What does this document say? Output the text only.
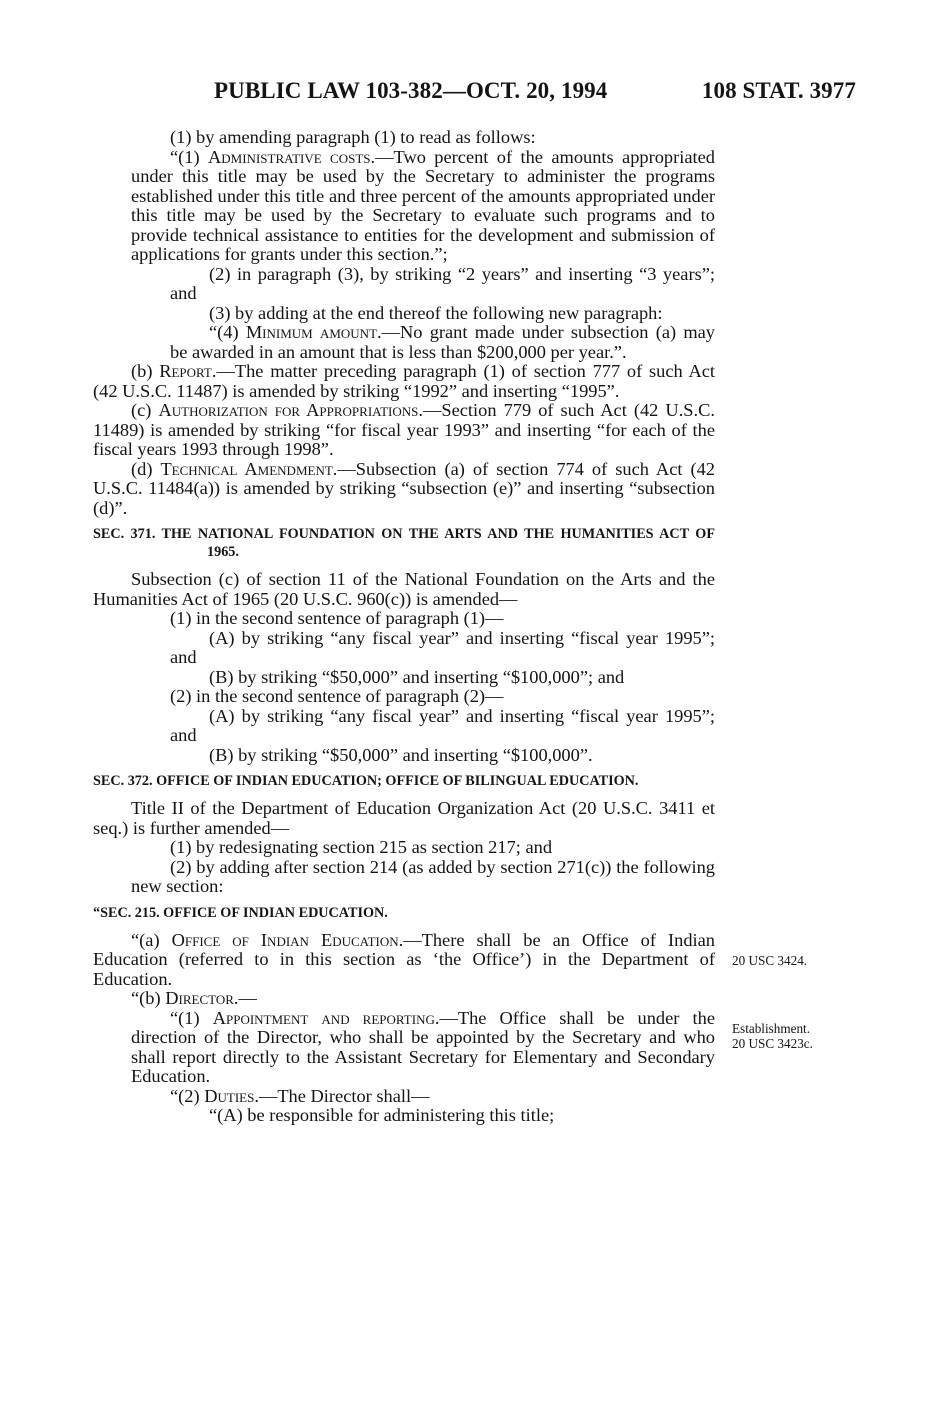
PUBLIC LAW 103-382—OCT. 20, 1994	108 STAT. 3977

(1) by amending paragraph (1) to read as follows:

“(1) Administrative costs.—Two percent of the amounts appropriated under this title may be used by the Secretary to administer the programs established under this title and three percent of the amounts appropriated under this title may be used by the Secretary to evaluate such programs and to provide technical assistance to entities for the development and submission of applications for grants under this section.”;

(2) in paragraph (3), by striking “2 years” and inserting “3 years”; and

(3) by adding at the end thereof the following new paragraph:

“(4) Minimum amount.—No grant made under subsection (a) may be awarded in an amount that is less than $200,000 per year.”.

(b) Report.—The matter preceding paragraph (1) of section 777 of such Act (42 U.S.C. 11487) is amended by striking “1992” and inserting “1995”.

(c) Authorization for Appropriations.—Section 779 of such Act (42 U.S.C. 11489) is amended by striking “for fiscal year 1993” and inserting “for each of the fiscal years 1993 through 1998”.

(d) Technical Amendment.—Subsection (a) of section 774 of such Act (42 U.S.C. 11484(a)) is amended by striking “subsection (e)” and inserting “subsection (d)”.

SEC. 371. THE NATIONAL FOUNDATION ON THE ARTS AND THE HUMANITIES ACT OF 1965.

Subsection (c) of section 11 of the National Foundation on the Arts and the Humanities Act of 1965 (20 U.S.C. 960(c)) is amended—

(1) in the second sentence of paragraph (1)—

(A) by striking “any fiscal year” and inserting “fiscal year 1995”; and

(B) by striking “$50,000” and inserting “$100,000”; and

(2) in the second sentence of paragraph (2)—

(A) by striking “any fiscal year” and inserting “fiscal year 1995”; and

(B) by striking “$50,000” and inserting “$100,000”.

SEC. 372. OFFICE OF INDIAN EDUCATION; OFFICE OF BILINGUAL EDUCATION.

Title II of the Department of Education Organization Act (20 U.S.C. 3411 et seq.) is further amended—

(1) by redesignating section 215 as section 217; and

(2) by adding after section 214 (as added by section 271(c)) the following new section:

“SEC. 215. OFFICE OF INDIAN EDUCATION.

“(a) Office of Indian Education.—There shall be an Office of Indian Education (referred to in this section as ‘the Office’) in the Department of Education.

“(b) Director.—

“(1) Appointment and reporting.—The Office shall be under the direction of the Director, who shall be appointed by the Secretary and who shall report directly to the Assistant Secretary for Elementary and Secondary Education.

“(2) Duties.—The Director shall—

“(A) be responsible for administering this title;

20 USC 3424.
Establishment.
20 USC 3423c.
